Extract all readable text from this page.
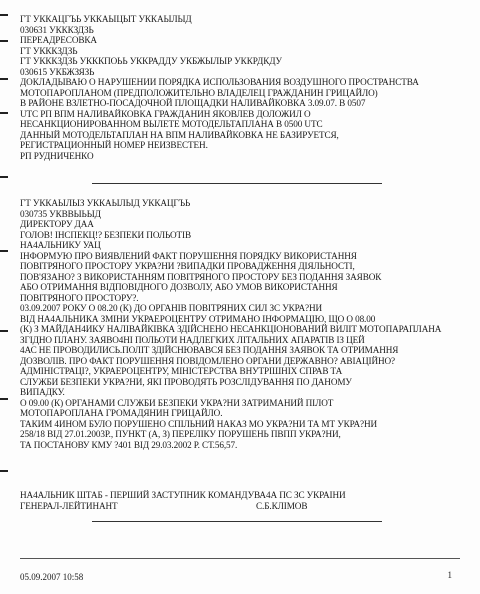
ГТ УККАЦГЪЬ УККАЫЦЫТ УККАЫЛЫД
030631 УКККЗДЗЬ
ПЕРЕАДРЕСОВКА
ГТ УКККЗДЗЬ
ГТ УКККЗДЗЬ УКККПОЬЬ УККРАДДУ УКБЖЫЛЫР УККРДКДУ
030615 УКБЖЗЯЗЬ
ДОКЛАДЫВАЮ О НАРУШЕНИИ ПОРЯДКА ИСПОЛЬЗОВАНИЯ ВОЗДУШНОГО ПРОСТРАНСТВА
МОТОПАРОПЛАНОМ (ПРЕДПОЛОЖИТЕЛЬНО ВЛАДЕЛЕЦ ГРАЖДАНИН ГРИЦАЙЛО)
В РАЙОНЕ ВЗЛЕТНО-ПОСАДОЧНОЙ ПЛОЩАДКИ НАЛИВАЙКОВКА 3.09.07. В 0507
UTC РП ВПМ НАЛИВАЙКОВКА ГРАЖДАНИН ЯКОВЛЕВ ДОЛОЖИЛ О
НЕСАНКЦИОНИРОВАННОМ ВЫЛЕТЕ МОТОДЕЛЬТАПЛАНА В 0500 UTC
ДАННЫЙ МОТОДЕЛЬТАПЛАН НА ВПМ НАЛИВАЙКОВКА НЕ БАЗИРУЕТСЯ,
РЕГИСТРАЦИОННЫЙ НОМЕР НЕИЗВЕСТЕН.
РП РУДНИЧЕНКО
ГТ УККАЫЛЫЗ УККАЫЛЫД УККАЦГЪЬ
030735 УКВВЫЬЫД
ДИРЕКТОРУ ДАА
ГОЛОВ! IНСПЕКЦ!? БЕЗПЕКИ ПОЛЬОТIВ
НА4АЛЬНИКУ УАЦ
IНФОРМУЮ ПРО ВИЯВЛЕНИЙ ФАКТ ПОРУШЕННЯ ПОРЯДКУ ВИКОРИСТАННЯ
ПОВIТРЯНОГО ПРОСТОРУ УКРА?НИ ?ВИПАДКИ ПРОВАДЖЕННЯ ДIЯЛЬНОСТI,
ПОВ'ЯЗАНО? З ВИКОРИСТАННЯМ ПОВIТРЯНОГО ПРОСТОРУ БЕЗ ПОДАННЯ ЗАЯВОК
АБО ОТРИМАННЯ ВIДПОВIДНОГО ДОЗВОЛУ, АБО УМОВ ВИКОРИСТАННЯ
ПОВIТРЯНОГО ПРОСТОРУ?.
03.09.2007 РОКУ О 08.20 (К) ДО ОРГАНIВ ПОВIТРЯНИХ СИЛ ЗС УКРА?НИ
ВIД НА4АЛЬНИКА ЗМIНИ УКРАЕРОЦЕНТРУ ОТРИМАНО IНФОРМАЦIЮ, ЩО О 08.00
(К) З МАЙДАН4ИКУ НАЛIВАЙКIВКА ЗДIЙСНЕНО НЕСАНКЦIОНОВАНИЙ ВИЛIТ МОТОПАРАПЛАНА
ЗГIДНО ПЛАНУ. ЗАЯВО4НI ПОЛЬОТИ НАДЛЕГКИХ ЛIТАЛЬНИХ АПАРАТIВ IЗ ЦЕЙ
4АС НЕ ПРОВОДИЛИСЬ.ПОЛIТ ЗДIЙСНЮВАВСЯ БЕЗ ПОДАННЯ ЗАЯВОК ТА ОТРИМАННЯ
ДОЗВОЛIВ. ПРО ФАКТ ПОРУШЕННЯ ПОВIДОМЛЕНО ОРГАНИ ДЕРЖАВНО? АВIАЦIЙНО?
АДМIНIСТРАЦI?, УКРАЕРОЦЕНТРУ, МIНIСТЕРСТВА ВНУТРIШНIХ СПРАВ ТА
СЛУЖБИ БЕЗПЕКИ УКРА?НИ, ЯКI ПРОВОДЯТЬ РОЗСЛIДУВАННЯ ПО ДАНОМУ
ВИПАДКУ.
О 09.00 (К) ОРГАНАМИ СЛУЖБИ БЕЗПЕКИ УКРА?НИ ЗАТРИМАНИЙ ПIЛОТ
МОТОПАРОПЛАНА ГРОМАДЯНИН ГРИЦАЙЛО.
ТАКИМ 4ИНОМ БУЛО ПОРУШЕНО СПIЛЬНИЙ НАКАЗ МО УКРА?НИ ТА МТ УКРА?НИ
258/18 ВIД 27.01.2003Р., ПУНКТ (А, З) ПЕРЕЛIКУ ПОРУШЕНЬ ПВПП УКРА?НИ,
ТА ПОСТАНОВУ КМУ ?401 ВIД 29.03.2002 Р. СТ.56,57.
НА4АЛЬНИК ШТАБ - ПЕРШИЙ ЗАСТУПНИК КОМАНДУВА4А ПС ЗС УКРАIНИ
ГЕНЕРАЛ-ЛЕЙТИНАНТ	С.Б.КЛIМОВ
05.09.2007 10:58	1
